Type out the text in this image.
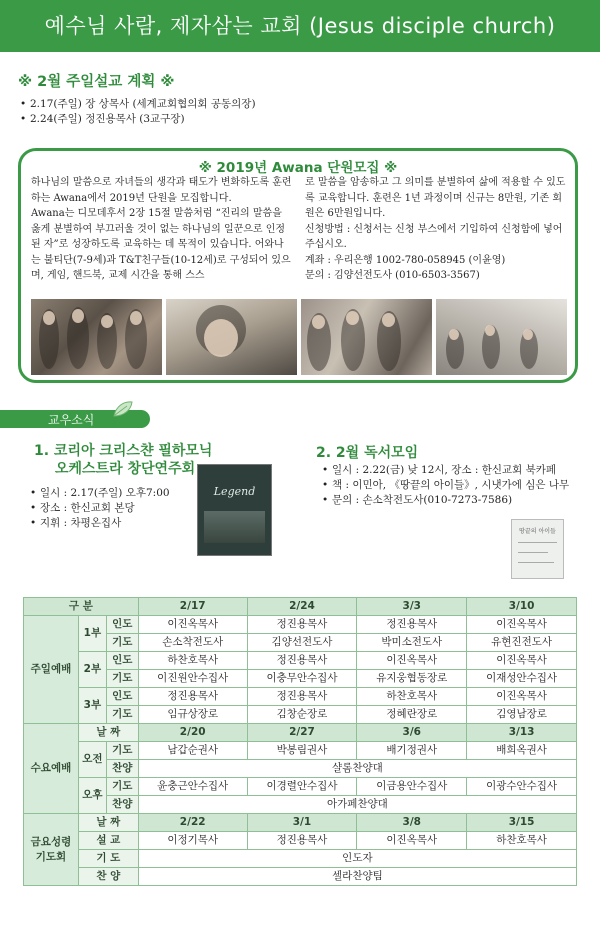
예수님 사람, 제자삼는 교회 (Jesus disciple church)
※ 2월 주일설교 계획 ※
• 2.17(주일) 장 상목사 (세계교회협의회 공동의장)
• 2.24(주일) 정진용목사 (3교구장)
※ 2019년 Awana 단원모집 ※

하나님의 말씀으로 자녀들의 생각과 태도가 변화하도록 훈련하는 Awana에서 2019년 단원을 모집합니다.

Awana는 디모데후서 2장 15절 말씀처럼 “진리의 말씀을 옳게 분별하여 부끄러울 것이 없는 하나님의 일꾼으로 인정된 자”로 성장하도록 교육하는 데 목적이 있습니다. 어와나는 불티단(7-9세)과 T&T친구들(10-12세)로 구성되어 있으며, 게임, 핸드북, 교제 시간을 통해 스스

로 말씀을 암송하고 그 의미를 분별하여 삶에 적용할 수 있도록 교육합니다. 훈련은 1년 과정이며 신규는 8만원, 기존 회원은 6만원입니다.

신청방법 : 신청서는 신청 부스에서 기입하여 신청함에 넣어주십시오.

계좌 : 우리은행 1002-780-058945 (이윤영)

문의 : 김양선전도사 (010-6503-3567)

교우소식
1. 코리아 크리스챤 필하모닉
오케스트라 창단연주회
• 일시 : 2.17(주일) 오후7:00
• 장소 : 한신교회 본당
• 지휘 : 차평온집사
Legend
2. 2월 독서모임
• 일시 : 2.22(금) 낮 12시, 장소 : 한신교회 북카페
• 책 : 이민아, 《땅끝의 아이들》, 시냇가에 심은 나무
• 문의 : 손소착전도사(010-7273-7586)
땅끝의 아이들
구 분			2/17	2/24	3/3	3/10
주일예배	1부	인도	이진옥목사	정진용목사	정진용목사	이진옥목사
		기도	손소착전도사	김양선전도사	박미소전도사	유현진전도사
	2부	인도	하찬호목사	정진용목사	이진옥목사	이진옥목사
		기도	이진원안수집사	이충무안수집사	유지웅협동장로	이재성안수집사
	3부	인도	정진용목사	정진용목사	하찬호목사	이진옥목사
		기도	임규상장로	김창순장로	정혜란장로	김영남장로
수요예배	날 짜		2/20	2/27	3/6	3/13
	오전	기도	남갑순권사	박봉림권사	배기정권사	배희옥권사
		찬양	샬롬찬양대			
	오후	기도	윤충근안수집사	이경렬안수집사	이금용안수집사	이광수안수집사
		찬양	아가페찬양대			

금요성령
기도회	날 짜		2/22	3/1	3/8	3/15
	설 교		이정기목사	정진용목사	이진옥목사	하찬호목사
	기 도		인도자			
	찬 양		셀라찬양팀			
